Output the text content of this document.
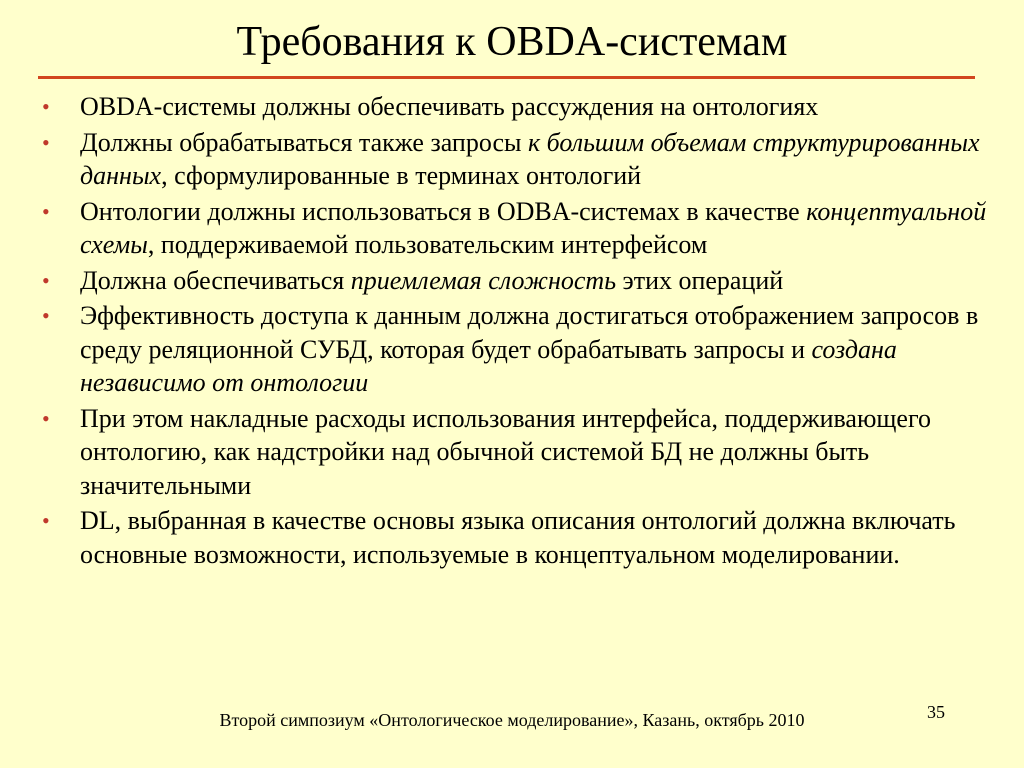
Требования к OBDA-системам
• OBDA-системы должны обеспечивать рассуждения на онтологиях
• Должны обрабатываться также запросы к большим объемам структурированных данных, сформулированные в терминах онтологий
• Онтологии должны использоваться в ODBA-системах в качестве концептуальной схемы, поддерживаемой пользовательским интерфейсом
• Должна обеспечиваться приемлемая сложность этих операций
• Эффективность доступа к данным должна достигаться отображением запросов в среду реляционной СУБД, которая будет обрабатывать запросы и создана независимо от онтологии
• При этом накладные расходы использования интерфейса, поддерживающего онтологию, как надстройки над обычной системой БД не должны быть значительными
• DL, выбранная в качестве основы языка описания онтологий должна включать основные возможности, используемые в концептуальном моделировании.
Второй симпозиум «Онтологическое моделирование», Казань, октябрь 2010	35
